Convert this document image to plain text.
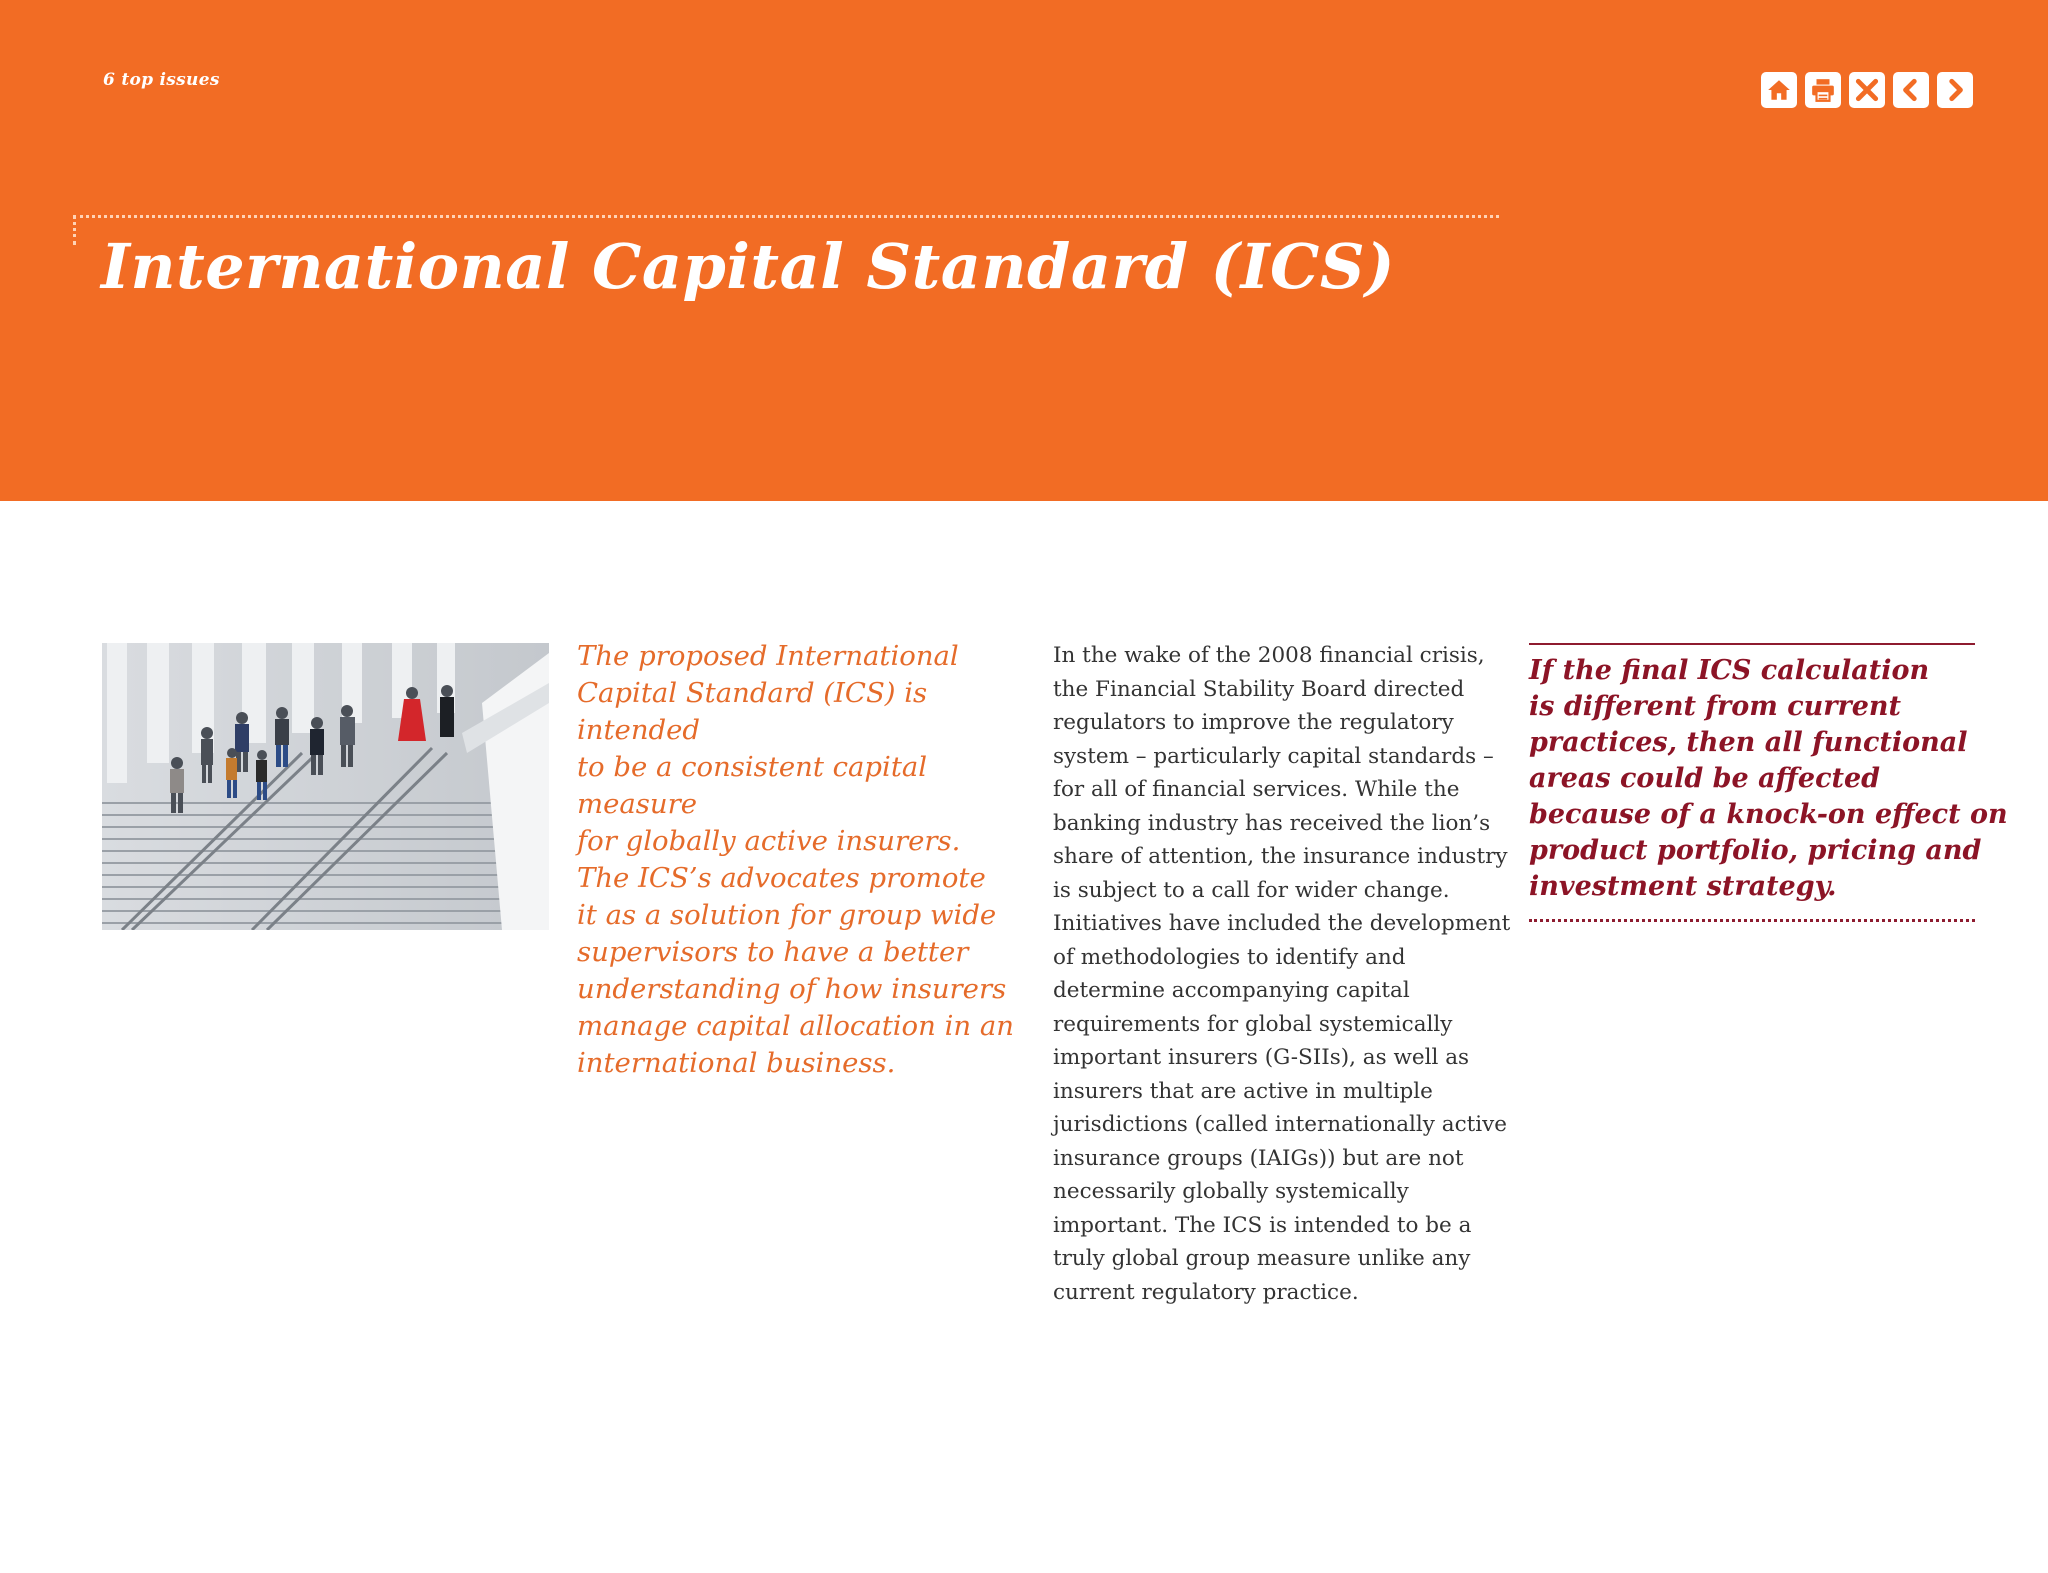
6 top issues
International Capital Standard (ICS)

The proposed International
Capital Standard (ICS) is intended
to be a consistent capital measure
for globally active insurers.
The ICS’s advocates promote
it as a solution for group wide
supervisors to have a better
understanding of how insurers
manage capital allocation in an
international business.

In the wake of the 2008 financial crisis, the Financial Stability Board directed regulators to improve the regulatory system – particularly capital standards – for all of financial services. While the banking industry has received the lion’s share of attention, the insurance industry is subject to a call for wider change. Initiatives have included the development of methodologies to identify and determine accompanying capital requirements for global systemically important insurers (G-SIIs), as well as insurers that are active in multiple jurisdictions (called internationally active insurance groups (IAIGs)) but are not necessarily globally systemically important. The ICS is intended to be a truly global group measure unlike any current regulatory practice.

If the final ICS calculation
is different from current
practices, then all functional
areas could be affected
because of a knock-on effect on
product portfolio, pricing and
investment strategy.
